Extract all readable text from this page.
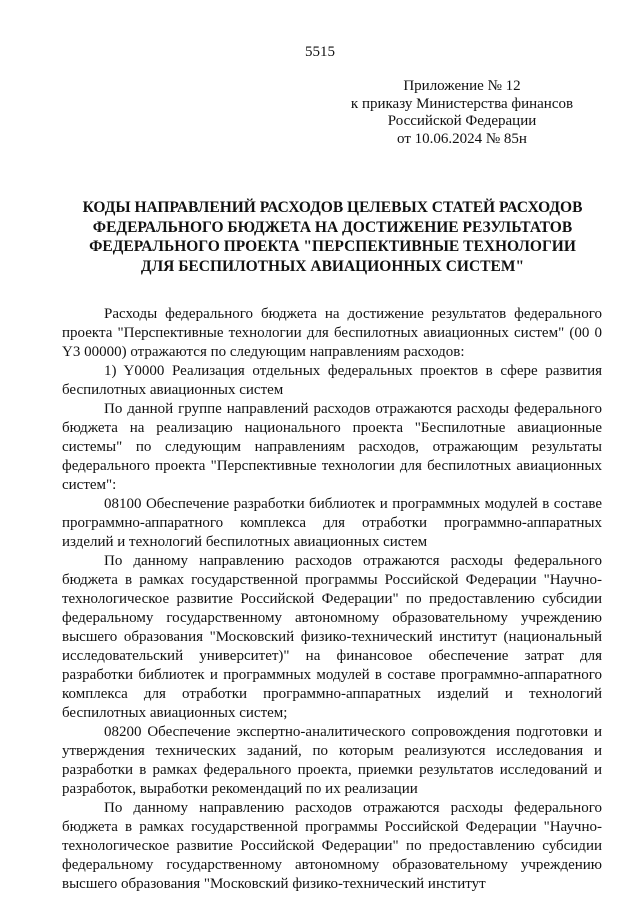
5515
Приложение № 12
к приказу Министерства финансов
Российской Федерации
от 10.06.2024 № 85н
КОДЫ НАПРАВЛЕНИЙ РАСХОДОВ ЦЕЛЕВЫХ СТАТЕЙ РАСХОДОВ
ФЕДЕРАЛЬНОГО БЮДЖЕТА НА ДОСТИЖЕНИЕ РЕЗУЛЬТАТОВ
ФЕДЕРАЛЬНОГО ПРОЕКТА "ПЕРСПЕКТИВНЫЕ ТЕХНОЛОГИИ
ДЛЯ БЕСПИЛОТНЫХ АВИАЦИОННЫХ СИСТЕМ"

Расходы федерального бюджета на достижение результатов федерального проекта "Перспективные технологии для беспилотных авиационных систем" (00 0 Y3 00000) отражаются по следующим направлениям расходов:

1) Y0000 Реализация отдельных федеральных проектов в сфере развития беспилотных авиационных систем

По данной группе направлений расходов отражаются расходы федерального бюджета на реализацию национального проекта "Беспилотные авиационные системы" по следующим направлениям расходов, отражающим результаты федерального проекта "Перспективные технологии для беспилотных авиационных систем":

08100 Обеспечение разработки библиотек и программных модулей в составе программно-аппаратного комплекса для отработки программно-аппаратных изделий и технологий беспилотных авиационных систем

По данному направлению расходов отражаются расходы федерального бюджета в рамках государственной программы Российской Федерации "Научно-технологическое развитие Российской Федерации" по предоставлению субсидии федеральному государственному автономному образовательному учреждению высшего образования "Московский физико-технический институт (национальный исследовательский университет)" на финансовое обеспечение затрат для разработки библиотек и программных модулей в составе программно-аппаратного комплекса для отработки программно-аппаратных изделий и технологий беспилотных авиационных систем;

08200 Обеспечение экспертно-аналитического сопровождения подготовки и утверждения технических заданий, по которым реализуются исследования и разработки в рамках федерального проекта, приемки результатов исследований и разработок, выработки рекомендаций по их реализации

По данному направлению расходов отражаются расходы федерального бюджета в рамках государственной программы Российской Федерации "Научно-технологическое развитие Российской Федерации" по предоставлению субсидии федеральному государственному автономному образовательному учреждению высшего образования "Московский физико-технический институт
